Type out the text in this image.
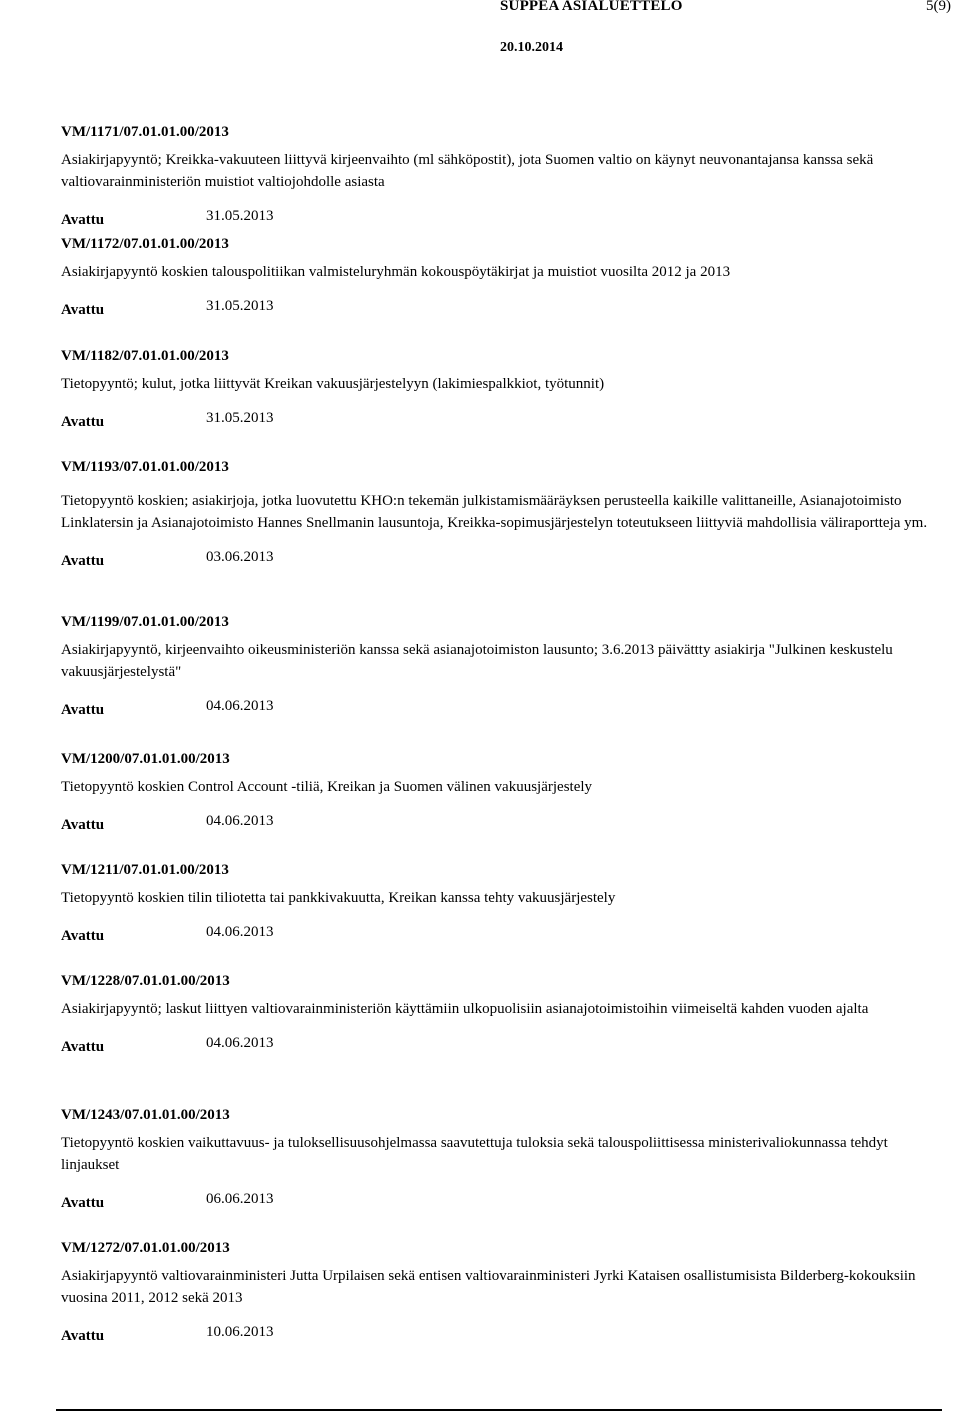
SUPPEA ASIALUETTELO	5(9)
20.10.2014
VM/1171/07.01.01.00/2013
Asiakirjapyyntö; Kreikka-vakuuteen liittyvä kirjeenvaihto (ml sähköpostit), jota Suomen valtio on käynyt neuvonantajansa kanssa sekä valtiovarainministeriön muistiot valtiojohdolle asiasta
Avattu	31.05.2013
VM/1172/07.01.01.00/2013
Asiakirjapyyntö koskien talouspolitiikan valmisteluryhmän kokouspöytäkirjat ja muistiot vuosilta 2012 ja 2013
Avattu	31.05.2013
VM/1182/07.01.01.00/2013
Tietopyyntö; kulut, jotka liittyvät Kreikan vakuusjärjestelyyn (lakimiespalkkiot, työtunnit)
Avattu	31.05.2013
VM/1193/07.01.01.00/2013
Tietopyyntö koskien; asiakirjoja, jotka luovutettu KHO:n tekemän julkistamismääräyksen perusteella kaikille valittaneille, Asianajotoimisto Linklatersin ja Asianajotoimisto Hannes Snellmanin lausuntoja, Kreikka-sopimusjärjestelyn toteutukseen liittyviä mahdollisia väliraportteja ym.
Avattu	03.06.2013
VM/1199/07.01.01.00/2013
Asiakirjapyyntö, kirjeenvaihto oikeusministeriön kanssa sekä asianajotoimiston lausunto; 3.6.2013 päivättty asiakirja "Julkinen keskustelu vakuusjärjestelystä"
Avattu	04.06.2013
VM/1200/07.01.01.00/2013
Tietopyyntö koskien Control Account -tiliä, Kreikan ja Suomen välinen vakuusjärjestely
Avattu	04.06.2013
VM/1211/07.01.01.00/2013
Tietopyyntö koskien tilin tiliotetta tai pankkivakuutta, Kreikan kanssa tehty vakuusjärjestely
Avattu	04.06.2013
VM/1228/07.01.01.00/2013
Asiakirjapyyntö; laskut liittyen valtiovarainministeriön käyttämiin ulkopuolisiin asianajotoimistoihin viimeiseltä kahden vuoden ajalta
Avattu	04.06.2013
VM/1243/07.01.01.00/2013
Tietopyyntö koskien vaikuttavuus- ja tuloksellisuusohjelmassa saavutettuja tuloksia sekä talouspoliittisessa ministerivaliokunnassa tehdyt linjaukset
Avattu	06.06.2013
VM/1272/07.01.01.00/2013
Asiakirjapyyntö valtiovarainministeri Jutta Urpilaisen sekä entisen valtiovarainministeri Jyrki Kataisen osallistumisista Bilderberg-kokouksiin vuosina 2011, 2012 sekä 2013
Avattu	10.06.2013
